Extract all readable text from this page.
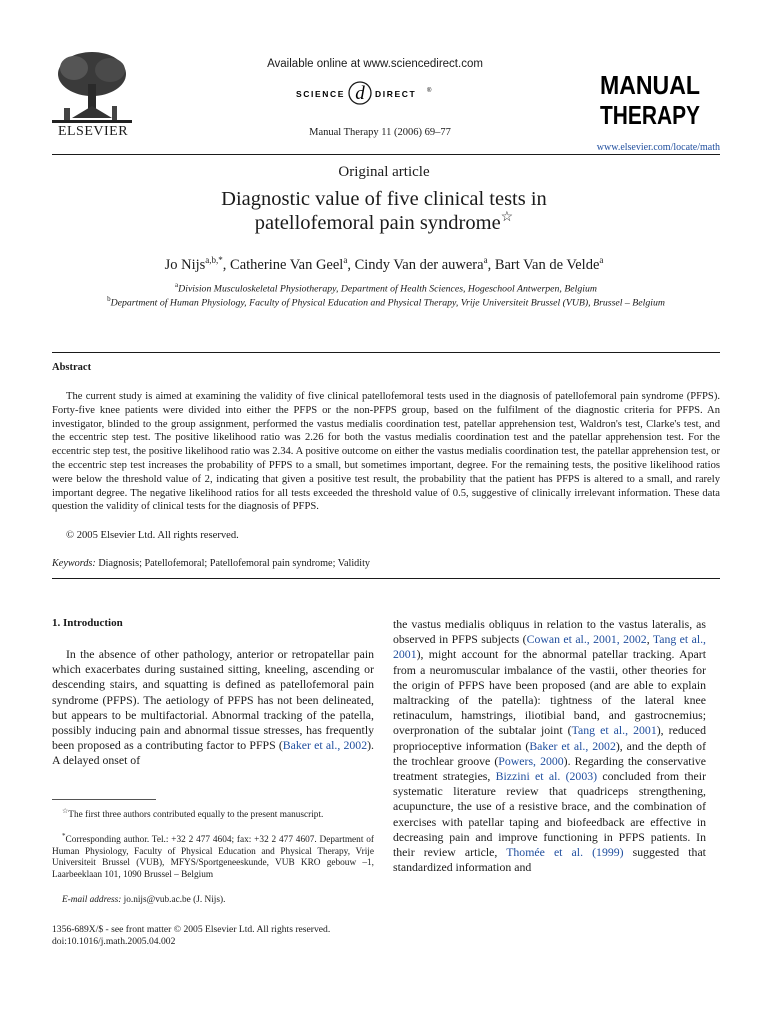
ELSEVIER
Available online at www.sciencedirect.com
SCIENCE d DIRECT ®
Manual Therapy 11 (2006) 69–77
MANUAL
THERAPY
www.elsevier.com/locate/math
Original article
Diagnostic value of five clinical tests in
patellofemoral pain syndrome☆
Jo Nijs$^{a,b,*}$, Catherine Van Geel$^a$, Cindy Van der auwera$^a$, Bart Van de Velde$^a$
$^a$Division Musculoskeletal Physiotherapy, Department of Health Sciences, Hogeschool Antwerpen, Belgium
$^b$Department of Human Physiology, Faculty of Physical Education and Physical Therapy, Vrije Universiteit Brussel (VUB), Brussel – Belgium
Abstract
The current study is aimed at examining the validity of five clinical patellofemoral tests used in the diagnosis of patellofemoral pain syndrome (PFPS). Forty-five knee patients were divided into either the PFPS or the non-PFPS group, based on the fulfilment of the diagnostic criteria for PFPS. An investigator, blinded to the group assignment, performed the vastus medialis coordination test, patellar apprehension test, Waldron's test, Clarke's test, and the eccentric step test. The positive likelihood ratio was 2.26 for both the vastus medialis coordination test and the patellar apprehension test. For the eccentric step test, the positive likelihood ratio was 2.34. A positive outcome on either the vastus medialis coordination test, the patellar apprehension test, or the eccentric step test increases the probability of PFPS to a small, but sometimes important, degree. For the remaining tests, the positive likelihood ratios were below the threshold value of 2, indicating that given a positive test result, the probability that the patient has PFPS is altered to a small, and rarely important degree. The negative likelihood ratios for all tests exceeded the threshold value of 0.5, suggestive of clinically irrelevant information. These data question the validity of clinical tests for the diagnosis of PFPS.
© 2005 Elsevier Ltd. All rights reserved.
Keywords: Diagnosis; Patellofemoral; Patellofemoral pain syndrome; Validity
1. Introduction
In the absence of other pathology, anterior or retropatellar pain which exacerbates during sustained sitting, kneeling, ascending or descending stairs, and squatting is defined as patellofemoral pain syndrome (PFPS). The aetiology of PFPS has not been delineated, but appears to be multifactorial. Abnormal tracking of the patella, possibly inducing pain and abnormal tissue stresses, has frequently been proposed as a contributing factor to PFPS (Baker et al., 2002). A delayed onset of
the vastus medialis obliquus in relation to the vastus lateralis, as observed in PFPS subjects (Cowan et al., 2001, 2002, Tang et al., 2001), might account for the abnormal patellar tracking. Apart from a neuromuscular imbalance of the vastii, other theories for the origin of PFPS have been proposed (and are able to explain maltracking of the patella): tightness of the lateral knee retinaculum, hamstrings, iliotibial band, and gastrocnemius; overpronation of the subtalar joint (Tang et al., 2001), reduced proprioceptive information (Baker et al., 2002), and the depth of the trochlear groove (Powers, 2000). Regarding the conservative treatment strategies, Bizzini et al. (2003) concluded from their systematic literature review that quadriceps strengthening, acupuncture, the use of a resistive brace, and the combination of exercises with patellar taping and biofeedback are effective in decreasing pain and improve functioning in PFPS patients. In their review article, Thomée et al. (1999) suggested that standardized information and
☆The first three authors contributed equally to the present manuscript.
*Corresponding author. Tel.: +32 2 477 4604; fax: +32 2 477 4607. Department of Human Physiology, Faculty of Physical Education and Physical Therapy, Vrije Universiteit Brussel (VUB), MFYS/Sportgeneeskunde, VUB KRO gebouw –1, Laarbeeklaan 101, 1090 Brussel – Belgium
E-mail address: jo.nijs@vub.ac.be (J. Nijs).
1356-689X/$ - see front matter © 2005 Elsevier Ltd. All rights reserved.
doi:10.1016/j.math.2005.04.002
